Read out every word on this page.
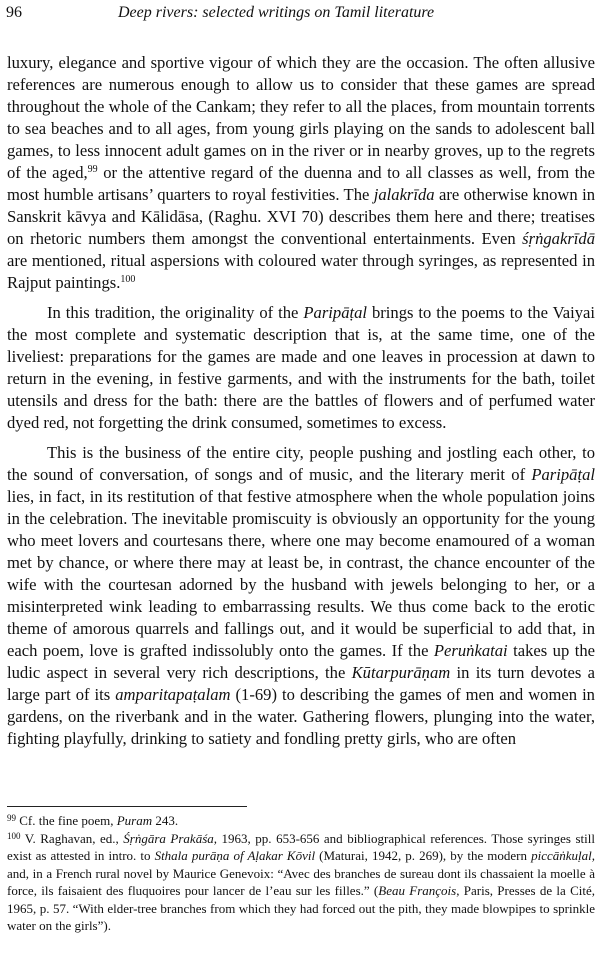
96	Deep rivers: selected writings on Tamil literature

luxury, elegance and sportive vigour of which they are the occasion. The often allusive references are numerous enough to allow us to consider that these games are spread throughout the whole of the Cankam; they refer to all the places, from mountain torrents to sea beaches and to all ages, from young girls playing on the sands to adolescent ball games, to less innocent adult games on in the river or in nearby groves, up to the regrets of the aged,$^{99}$ or the attentive regard of the duenna and to all classes as well, from the most humble artisans’ quarters to royal festivities. The jalakrīda are otherwise known in Sanskrit kāvya and Kālidāsa, (Raghu. XVI 70) describes them here and there; treatises on rhetoric numbers them amongst the conventional entertainments. Even śṛṅgakrīdā are mentioned, ritual aspersions with coloured water through syringes, as represented in Rajput paintings.$^{100}$

In this tradition, the originality of the Paripāṭal brings to the poems to the Vaiyai the most complete and systematic description that is, at the same time, one of the liveliest: preparations for the games are made and one leaves in procession at dawn to return in the evening, in festive garments, and with the instruments for the bath, toilet utensils and dress for the bath: there are the battles of flowers and of perfumed water dyed red, not forgetting the drink consumed, sometimes to excess.

This is the business of the entire city, people pushing and jostling each other, to the sound of conversation, of songs and of music, and the literary merit of Paripāṭal lies, in fact, in its restitution of that festive atmosphere when the whole population joins in the celebration. The inevitable promiscuity is obviously an opportunity for the young who meet lovers and courtesans there, where one may become enamoured of a woman met by chance, or where there may at least be, in contrast, the chance encounter of the wife with the courtesan adorned by the husband with jewels belonging to her, or a misinterpreted wink leading to embarrassing results. We thus come back to the erotic theme of amorous quarrels and fallings out, and it would be superficial to add that, in each poem, love is grafted indissolubly onto the games. If the Peruṅkatai takes up the ludic aspect in several very rich descriptions, the Kūtarpurāṇam in its turn devotes a large part of its amparitapaṭalam (1-69) to describing the games of men and women in gardens, on the riverbank and in the water. Gathering flowers, plunging into the water, fighting playfully, drinking to satiety and fondling pretty girls, who are often

$^{99}$ Cf. the fine poem, Puram 243.

$^{100}$ V. Raghavan, ed., Śṛṅgāra Prakāśa, 1963, pp. 653-656 and bibliographical references. Those syringes still exist as attested in intro. to Sthala purāṇa of Aḷakar Kōvil (Maturai, 1942, p. 269), by the modern piccāṅkuḷal, and, in a French rural novel by Maurice Genevoix: “Avec des branches de sureau dont ils chassaient la moelle à force, ils faisaient des fluquoires pour lancer de l’eau sur les filles.” (Beau François, Paris, Presses de la Cité, 1965, p. 57. “With elder-tree branches from which they had forced out the pith, they made blowpipes to sprinkle water on the girls”).
